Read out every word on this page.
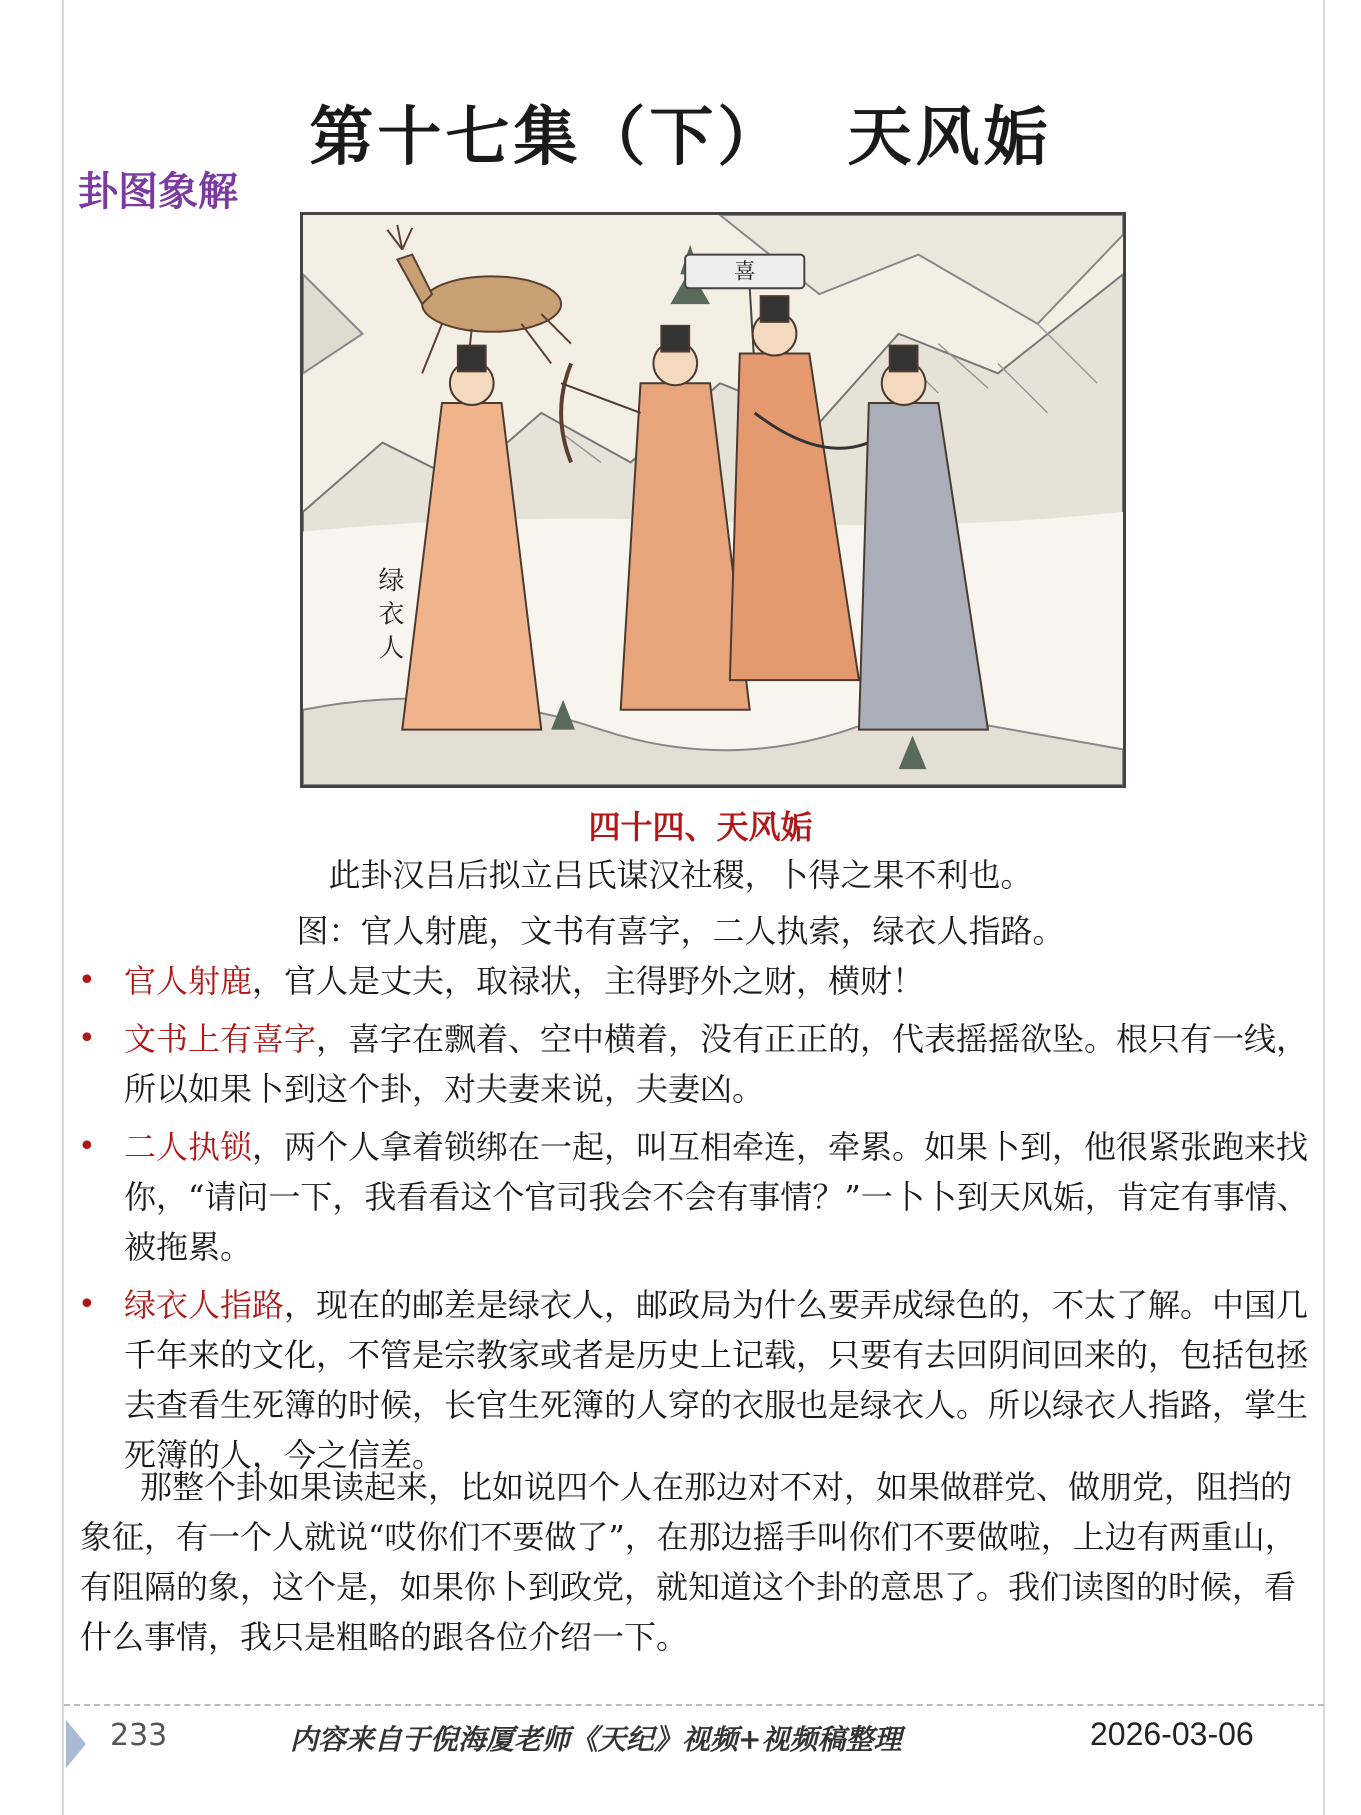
第十七集（下）　 天风姤
卦图象解
喜
绿
衣
人
四十四、天风姤
此卦汉吕后拟立吕氏谋汉社稷，卜得之果不利也。
图：官人射鹿，文书有喜字，二人执索，绿衣人指路。
• 官人射鹿，官人是丈夫，取禄状，主得野外之财，横财！
• 文书上有喜字，喜字在飘着、空中横着，没有正正的，代表摇摇欲坠。根只有一线，所以如果卜到这个卦，对夫妻来说，夫妻凶。
• 二人执锁，两个人拿着锁绑在一起，叫互相牵连，牵累。如果卜到，他很紧张跑来找你，“请问一下，我看看这个官司我会不会有事情？”一卜卜到天风姤，肯定有事情、被拖累。
• 绿衣人指路，现在的邮差是绿衣人，邮政局为什么要弄成绿色的，不太了解。中国几千年来的文化，不管是宗教家或者是历史上记载，只要有去回阴间回来的，包括包拯去查看生死簿的时候，长官生死簿的人穿的衣服也是绿衣人。所以绿衣人指路，掌生死簿的人，今之信差。
那整个卦如果读起来，比如说四个人在那边对不对，如果做群党、做朋党，阻挡的象征，有一个人就说“哎你们不要做了”，在那边摇手叫你们不要做啦，上边有两重山，有阻隔的象，这个是，如果你卜到政党，就知道这个卦的意思了。我们读图的时候，看什么事情，我只是粗略的跟各位介绍一下。
233	内容来自于倪海厦老师《天纪》视频+视频稿整理	2026-03-06
